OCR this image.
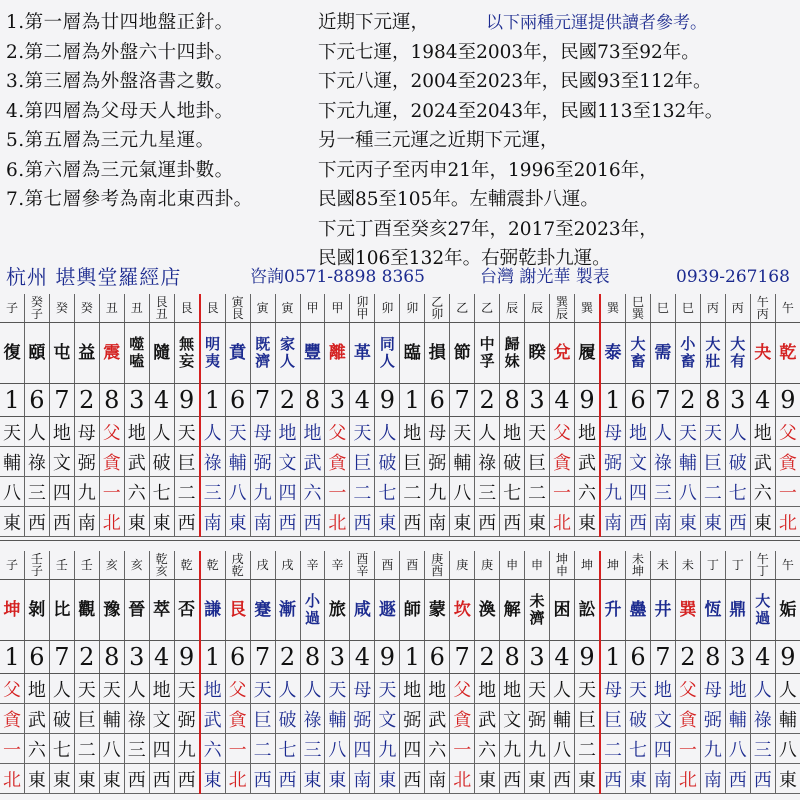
1.第一層為廿四地盤正針。
2.第二層為外盤六十四卦。
3.第三層為外盤洛書之數。
4.第四層為父母天人地卦。
5.第五層為三元九星運。
6.第六層為三元氣運卦數。
7.第七層參考為南北東西卦。
近期下元運，	以下兩種元運提供讀者參考。
下元七運，1984至2003年，民國73至92年。
下元八運，2004至2023年，民國93至112年。
下元九運，2024至2043年，民國113至132年。
另一種三元運之近期下元運，
下元丙子至丙申21年，1996至2016年，
民國85至105年。左輔震卦八運。
下元丁酉至癸亥27年，2017至2023年，
民國106至132年。右弼乾卦九運。
杭州 堪輿堂羅經店	咨詢0571-8898 8365	台灣 謝光華 製表	0939-267168
子	癸子	癸	癸	丑	丑	艮丑	艮	艮	寅艮	寅	寅	甲	甲	卯甲	卯	卯	乙卯	乙	乙	辰	辰	巽辰	巽	巽	巳巽	巳	巳	丙	丙	午丙	午
復	頤	屯	益	震	噬嗑	隨	無妄	明夷	賁	既濟	家人	豐	離	革	同人	臨	損	節	中孚	歸妹	睽	兌	履	泰	大畜	需	小畜	大壯	大有	夬	乾
1	6	7	2	8	3	4	9	1	6	7	2	8	3	4	9	1	6	7	2	8	3	4	9	1	6	7	2	8	3	4	9
天	人	地	母	父	地	人	天	人	天	母	地	地	父	天	人	地	母	天	人	地	天	父	地	母	地	人	天	天	人	地	父
輔	祿	文	弼	貪	武	破	巨	祿	輔	弼	文	武	貪	巨	破	巨	弼	輔	祿	破	巨	貪	武	弼	文	祿	輔	巨	破	武	貪
八	三	四	九	一	六	七	二	三	八	九	四	六	一	二	七	二	九	八	三	七	二	一	六	九	四	三	八	二	七	六	一
東	西	西	南	北	東	東	西	南	東	南	西	西	北	西	東	西	南	東	西	西	東	北	東	南	西	南	東	東	西	東	北
子	壬子	壬	壬	亥	亥	乾亥	乾	乾	戌乾	戌	戌	辛	辛	酉辛	酉	酉	庚酉	庚	庚	申	申	坤申	坤	坤	未坤	未	未	丁	丁	午丁	午
坤	剝	比	觀	豫	晉	萃	否	謙	艮	蹇	漸	小過	旅	咸	遯	師	蒙	坎	渙	解	未濟	困	訟	升	蠱	井	巽	恆	鼎	大過	姤
1	6	7	2	8	3	4	9	1	6	7	2	8	3	4	9	1	6	7	2	8	3	4	9	1	6	7	2	8	3	4	9
父	地	人	天	天	人	地	天	地	父	天	人	人	天	母	天	地	地	父	地	地	天	人	天	母	天	地	父	母	地	人	人
貪	武	破	巨	輔	祿	文	弼	武	貪	巨	破	祿	輔	弼	文	弼	武	貪	武	文	弼	輔	巨	巨	破	文	貪	弼	輔	祿	輔
一	六	七	二	八	三	四	九	六	一	二	七	三	八	四	九	四	六	一	六	九	九	八	二	二	七	四	一	九	八	三	八
北	東	東	東	東	西	西	西	東	北	西	西	東	東	南	東	西	南	北	東	西	東	西	東	西	東	南	北	南	西	西	東
